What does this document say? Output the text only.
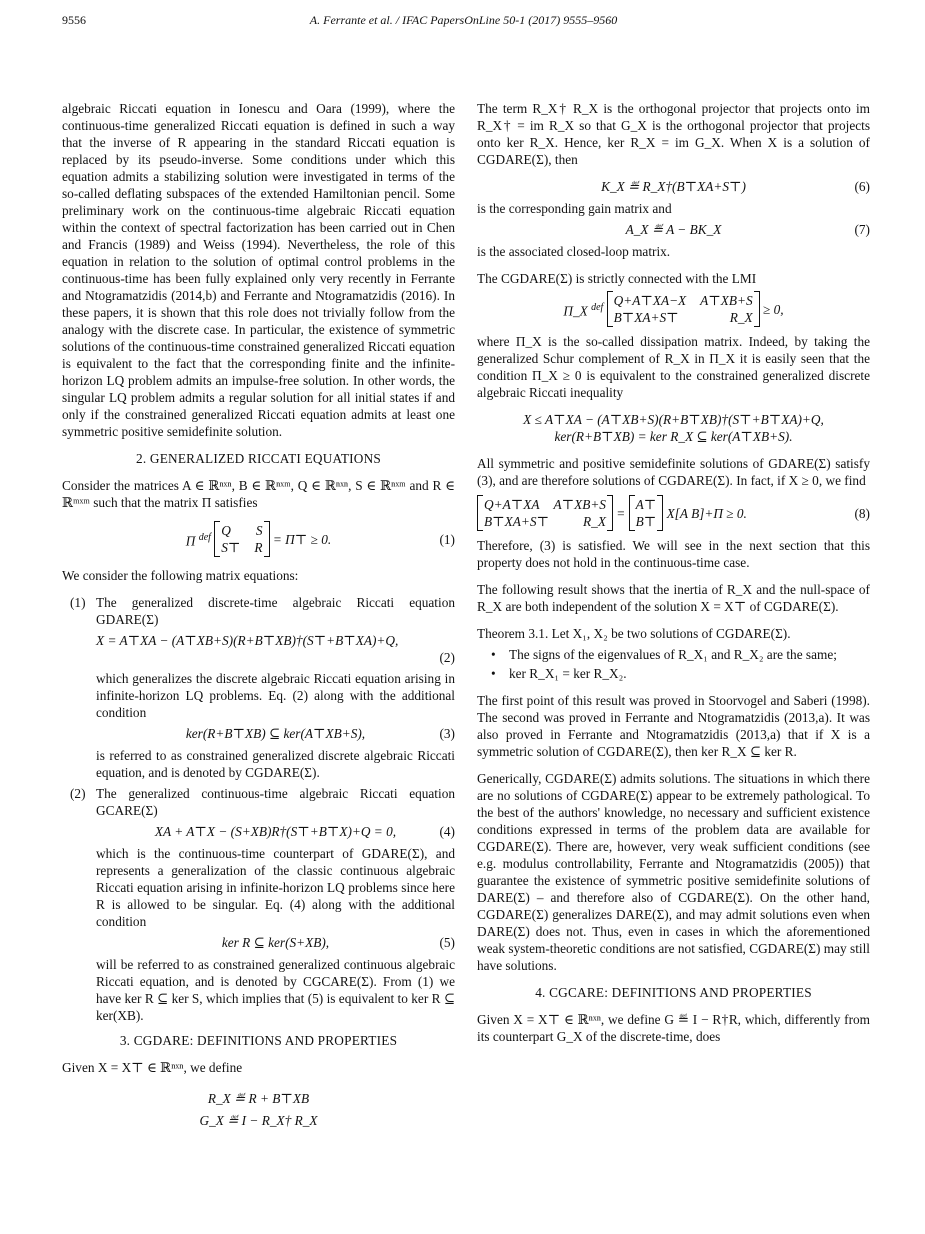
9556	A. Ferrante et al. / IFAC PapersOnLine 50-1 (2017) 9555–9560

algebraic Riccati equation in Ionescu and Oara (1999), where the continuous-time generalized Riccati equation is defined in such a way that the inverse of R appearing in the standard Riccati equation is replaced by its pseudo-inverse. Some conditions under which this equation admits a stabilizing solution were investigated in terms of the so-called deflating subspaces of the extended Hamiltonian pencil. Some preliminary work on the continuous-time algebraic Riccati equation within the context of spectral factorization has been carried out in Chen and Francis (1989) and Weiss (1994). Nevertheless, the role of this equation in relation to the solution of optimal control problems in the continuous-time has been fully explained only very recently in Ferrante and Ntogramatzidis (2014,b) and Ferrante and Ntogramatzidis (2016). In these papers, it is shown that this role does not trivially follow from the analogy with the discrete case. In particular, the existence of symmetric solutions of the continuous-time constrained generalized Riccati equation is equivalent to the fact that the corresponding finite and the infinite-horizon LQ problem admits an impulse-free solution. In other words, the singular LQ problem admits a regular solution for all initial states if and only if the constrained generalized Riccati equation admits at least one symmetric positive semidefinite solution.

2. GENERALIZED RICCATI EQUATIONS

Consider the matrices A ∈ ℝⁿˣⁿ, B ∈ ℝⁿˣᵐ, Q ∈ ℝⁿˣⁿ, S ∈ ℝⁿˣᵐ and R ∈ ℝᵐˣᵐ such that the matrix Π satisfies

Π $^{def}$ Q S
S⊤ R
= Π⊤ ≥ 0.	(1)

We consider the following matrix equations:

(1) The generalized discrete-time algebraic Riccati equation GDARE(Σ)

X = A⊤XA − (A⊤XB+S)(R+B⊤XB)†(S⊤+B⊤XA)+Q,
(2)

which generalizes the discrete algebraic Riccati equation arising in infinite-horizon LQ problems. Eq. (2) along with the additional condition

ker(R+B⊤XB) ⊆ ker(A⊤XB+S),	(3)

is referred to as constrained generalized discrete algebraic Riccati equation, and is denoted by CGDARE(Σ).

(2) The generalized continuous-time algebraic Riccati equation GCARE(Σ)

XA + A⊤X − (S+XB)R†(S⊤+B⊤X)+Q = 0,	(4)

which is the continuous-time counterpart of GDARE(Σ), and represents a generalization of the classic continuous algebraic Riccati equation arising in infinite-horizon LQ problems since here R is allowed to be singular. Eq. (4) along with the additional condition

ker R ⊆ ker(S+XB),	(5)

will be referred to as constrained generalized continuous algebraic Riccati equation, and is denoted by CGCARE(Σ). From (1) we have ker R ⊆ ker S, which implies that (5) is equivalent to ker R ⊆ ker(XB).

3. CGDARE: DEFINITIONS AND PROPERTIES

Given X = X⊤ ∈ ℝⁿˣⁿ, we define

R_X ≝ R + B⊤XB
G_X ≝ I − R_X† R_X

The term R_X† R_X is the orthogonal projector that projects onto im R_X† = im R_X so that G_X is the orthogonal projector that projects onto ker R_X. Hence, ker R_X = im G_X. When X is a solution of CGDARE(Σ), then

K_X ≝ R_X†(B⊤XA+S⊤)	(6)

is the corresponding gain matrix and

A_X ≝ A − BK_X	(7)

is the associated closed-loop matrix.

The CGDARE(Σ) is strictly connected with the LMI

Π_X $^{def}$ Q+A⊤XA−X A⊤XB+S
B⊤XA+S⊤	R_X
≥ 0,

where Π_X is the so-called dissipation matrix. Indeed, by taking the generalized Schur complement of R_X in Π_X it is easily seen that the condition Π_X ≥ 0 is equivalent to the constrained generalized discrete algebraic Riccati inequality

X ≤ A⊤XA − (A⊤XB+S)(R+B⊤XB)†(S⊤+B⊤XA)+Q,
ker(R+B⊤XB) = ker R_X ⊆ ker(A⊤XB+S).

All symmetric and positive semidefinite solutions of GDARE(Σ) satisfy (3), and are therefore solutions of CGDARE(Σ). In fact, if X ≥ 0, we find

Q+A⊤XA A⊤XB+S
B⊤XA+S⊤	R_X
=
A⊤
B⊤
X[A B]+Π ≥ 0.	(8)

Therefore, (3) is satisfied. We will see in the next section that this property does not hold in the continuous-time case.

The following result shows that the inertia of R_X and the null-space of R_X are both independent of the solution X = X⊤ of CGDARE(Σ).

Theorem 3.1. Let X₁, X₂ be two solutions of CGDARE(Σ).

• The signs of the eigenvalues of R_X₁ and R_X₂ are the same;
• ker R_X₁ = ker R_X₂.

The first point of this result was proved in Stoorvogel and Saberi (1998). The second was proved in Ferrante and Ntogramatzidis (2013,a). It was also proved in Ferrante and Ntogramatzidis (2013,a) that if X is a symmetric solution of CGDARE(Σ), then ker R_X ⊆ ker R.

Generically, CGDARE(Σ) admits solutions. The situations in which there are no solutions of CGDARE(Σ) appear to be extremely pathological. To the best of the authors' knowledge, no necessary and sufficient existence conditions expressed in terms of the problem data are available for CGDARE(Σ). There are, however, very weak sufficient conditions (see e.g. modulus controllability, Ferrante and Ntogramatzidis (2005)) that guarantee the existence of symmetric positive semidefinite solutions of DARE(Σ) – and therefore also of CGDARE(Σ). On the other hand, CGDARE(Σ) generalizes DARE(Σ), and may admit solutions even when DARE(Σ) does not. Thus, even in cases in which the aforementioned weak system-theoretic conditions are not satisfied, CGDARE(Σ) may still have solutions.

4. CGCARE: DEFINITIONS AND PROPERTIES

Given X = X⊤ ∈ ℝⁿˣⁿ, we define G ≝ I − R†R, which, differently from its counterpart G_X of the discrete-time, does
